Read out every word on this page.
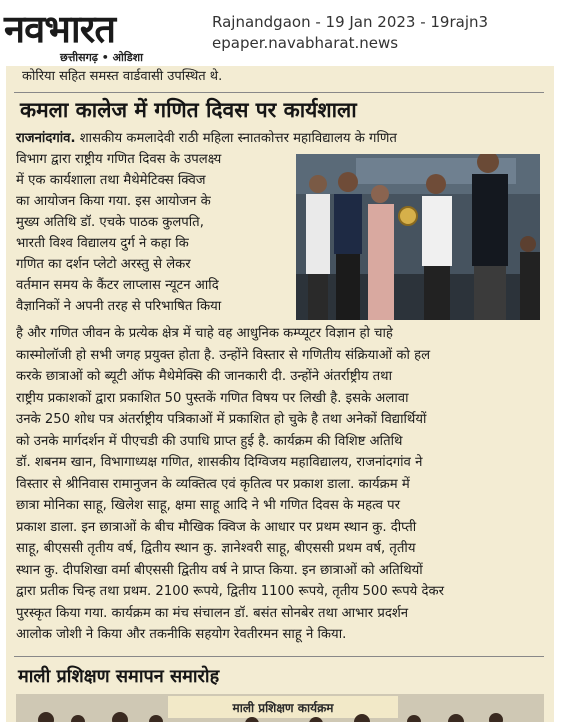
नवभारत
छत्तीसगढ़ • ओडिशा
Rajnandgaon - 19 Jan 2023 - 19rajn3
epaper.navabharat.news
कोरिया सहित समस्त वार्डवासी उपस्थित थे.
कमला कालेज में गणित दिवस पर कार्यशाला
राजनांदगांव. शासकीय कमलादेवी राठी महिला स्नातकोत्तर महाविद्यालय के गणित
विभाग द्वारा राष्ट्रीय गणित दिवस के उपलक्ष्य
में एक कार्यशाला तथा मैथेमेटिक्स क्विज
का आयोजन किया गया. इस आयोजन के
मुख्य अतिथि डॉ. एचके पाठक कुलपति,
भारती विश्व विद्यालय दुर्ग ने कहा कि
गणित का दर्शन प्लेटो अरस्तु से लेकर
वर्तमान समय के कैंटर लाप्लास न्यूटन आदि
वैज्ञानिकों ने अपनी तरह से परिभाषित किया
है और गणित जीवन के प्रत्येक क्षेत्र में चाहे वह आधुनिक कम्प्यूटर विज्ञान हो चाहे
कास्मोलॉजी हो सभी जगह प्रयुक्त होता है. उन्होंने विस्तार से गणितीय संक्रियाओं को हल
करके छात्राओं को ब्यूटी ऑफ मैथेमेक्सि की जानकारी दी. उन्होंने अंतर्राष्ट्रीय तथा
राष्ट्रीय प्रकाशकों द्वारा प्रकाशित 50 पुस्तकें गणित विषय पर लिखी है. इसके अलावा
उनके 250 शोध पत्र अंतर्राष्ट्रीय पत्रिकाओं में प्रकाशित हो चुके है तथा अनेकों विद्यार्थियों
को उनके मार्गदर्शन में पीएचडी की उपाधि प्राप्त हुई है. कार्यक्रम की विशिष्ट अतिथि
डॉ. शबनम खान, विभागाध्यक्ष गणित, शासकीय दिग्विजय महाविद्यालय, राजनांदगांव ने
विस्तार से श्रीनिवास रामानुजन के व्यक्तित्व एवं कृतित्व पर प्रकाश डाला. कार्यक्रम में
छात्रा मोनिका साहू, खिलेश साहू, क्षमा साहू आदि ने भी गणित दिवस के महत्व पर
प्रकाश डाला. इन छात्राओं के बीच मौखिक क्विज के आधार पर प्रथम स्थान कु. दीप्ती
साहू, बीएससी तृतीय वर्ष, द्वितीय स्थान कु. ज्ञानेश्वरी साहू, बीएससी प्रथम वर्ष, तृतीय
स्थान कु. दीपशिखा वर्मा बीएससी द्वितीय वर्ष ने प्राप्त किया. इन छात्राओं को अतिथियों
द्वारा प्रतीक चिन्ह तथा प्रथम. 2100 रूपये, द्वितीय 1100 रूपये, तृतीय 500 रूपये देकर
पुरस्कृत किया गया. कार्यक्रम का मंच संचालन डॉ. बसंत सोनबेर तथा आभार प्रदर्शन
आलोक जोशी ने किया और तकनीकि सहयोग रेवतीरमन साहू ने किया.
माली प्रशिक्षण समापन समारोह
माली प्रशिक्षण कार्यक्रम
